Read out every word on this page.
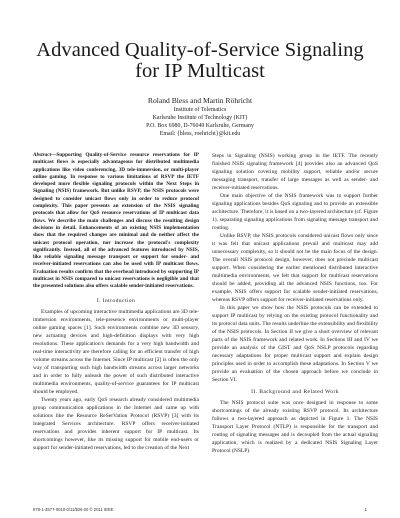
Advanced Quality-of-Service Signaling
for IP Multicast
Roland Bless and Martin Röhricht
Institute of Telematics
Karlsruhe Institute of Technology (KIT)
P.O. Box 6980, D-76049 Karlsruhe, Germany
Email: {bless, roehricht}@kit.edu

Abstract—Supporting Quality-of-Service resource reservations for IP multicast flows is especially advantageous for distributed multimedia applications like video conferencing, 3D tele-immersion, or multi-player online gaming. In response to various limitations of RSVP the IETF developed more flexible signaling protocols within the Next Steps in Signaling (NSIS) framework. But unlike RSVP, the NSIS protocols were designed to consider unicast flows only in order to reduce protocol complexity. This paper presents an extension of the NSIS signaling protocols that allow for QoS resource reservations of IP multicast data flows. We describe the main challenges and discuss the resulting design decisions in detail. Enhancements of an existing NSIS implementation show that the required changes are minimal and do neither affect the unicast protocol operation, nor increase the protocol's complexity significantly. Instead, all of the advanced features introduced by NSIS, like reliable signaling message transport or support for sender- and receiver-initiated reservations can also be used with IP multicast flows. Evaluation results confirm that the overhead introduced by supporting IP multicast in NSIS compared to unicast reservations is negligible and that the presented solutions also offers scalable sender-initiated reservations.

I. Introduction

Examples of upcoming interactive multimedia applications are 3D tele-immersion environments, tele-presence environments or multi-player online gaming spaces [1]. Such environments combine new 3D sensory, new actuating devices and high-definition displays with very high resolutions. These application's demands for a very high bandwidth and real-time interactivity are therefore calling for an efficient transfer of high volume streams across the Internet. Since IP multicast [2] is often the only way of transporting such high bandwidth streams across larger networks and in order to fully unleash the power of such distributed interactive multimedia environments, quality-of-service guarantees for IP multicast should be employed.

Twenty years ago, early QoS research already considered multimedia group communication applications in the Internet and came up with solutions like the Resource ReSerVation Protocol (RSVP) [3] with its Integrated Services architecture. RSVP offers receiver-initiated reservations and provides inherent support for IP multicast. Its shortcomings however, like its missing support for mobile end-users or support for sender-initiated reservations, led to the creation of the Next

Steps in Signaling (NSIS) working group in the IETF. The recently finished NSIS signaling framework [4] provides also an advanced QoS signaling solution covering mobility support, reliable and/or secure messaging transport, transfer of large messages as well as sender- and receiver-initiated reservations.

One main objective of the NSIS framework was to support further signaling applications besides QoS signaling and to provide an extensible architecture. Therefore, it is based on a two-layered architecture (cf. Figure 1), separating signaling applications from signaling message transport and routing.

Unlike RSVP, the NSIS protocols considered unicast flows only since it was felt that unicast applications prevail and multicast may add unnecessary complexity, so it should not be the main focus of the design. The overall NSIS protocol design, however, does not preclude multicast support. When considering the earlier mentioned distributed interactive multimedia environments, we felt that support for multicast reservations should be added, providing all the advanced NSIS functions, too. For example, NSIS offers support for scalable sender-initiated reservations, whereas RSVP offers support for receiver-initiated reservations only.

In this paper we show how the NSIS protocols can be extended to support IP multicast by relying on the existing protocol functionality and its protocol data units. The results underline the extensibility and flexibility of the NSIS protocols. In Section II we give a short overview of relevant parts of the NSIS framework and related work. In Sections III and IV we provide an analysis of the GIST and QoS NSLP protocols regarding necessary adaptations for proper multicast support and explain design principles used in order to accomplish these adaptations. In Section V we provide an evaluation of the chosen approach before we conclude in Section VI.

II. Background and Related Work

The NSIS protocol suite was once designed in response to some shortcomings of the already existing RSVP protocol. Its architecture follows a two-layered approach as depicted in Figure 1. The NSIS Transport Layer Protocol (NTLP) is responsible for the transport and routing of signaling messages and is decoupled from the actual signaling application, which is realized by a dedicated NSIS Signaling Layer Protocol (NSLP).

978-1-4577-0010-0/11/$26.00 © 2011 IEEE	1
